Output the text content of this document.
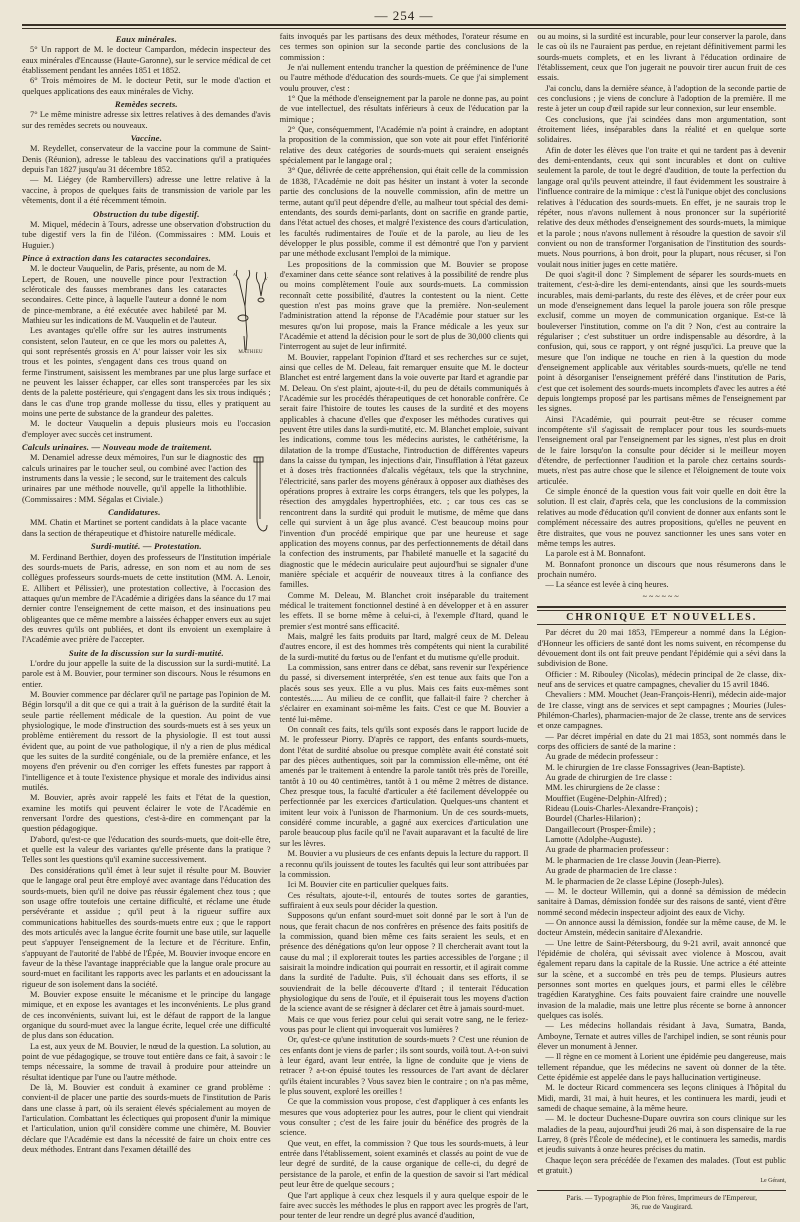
— 254 —
Eaux minérales.

5° Un rapport de M. le docteur Campardon, médecin inspecteur des eaux minérales d'Encausse (Haute-Garonne), sur le service médical de cet établissement pendant les années 1851 et 1852.

6° Trois mémoires de M. le docteur Petit, sur le mode d'action et quelques applications des eaux minérales de Vichy.

Remèdes secrets.

7° Le même ministre adresse six lettres relatives à des demandes d'avis sur des remèdes secrets ou nouveaux.

Vaccine.

M. Reydellet, conservateur de la vaccine pour la commune de Saint-Denis (Réunion), adresse le tableau des vaccinations qu'il a pratiquées depuis l'an 1827 jusqu'au 31 décembre 1852.

— M. Liégey (de Rambervillers) adresse une lettre relative à la vaccine, à propos de quelques faits de transmission de variole par les vêtements, dont il a été récemment témoin.

Obstruction du tube digestif.

M. Miquel, médecin à Tours, adresse une observation d'obstruction du tube digestif vers la fin de l'iléon. (Commissaires : MM. Louis et Huguier.)

Pince à extraction dans les cataractes secondaires.
A
A'
MATHIEU

M. le docteur Vauquelin, de Paris, présente, au nom de M. Lepert, de Rouen, une nouvelle pince pour l'extraction scléroticale des fausses membranes dans les cataractes secondaires. Cette pince, à laquelle l'auteur a donné le nom de pince-membrane, a été exécutée avec habileté par M. Mathieu sur les indications de M. Vauquelin et de l'auteur.

Les avantages qu'elle offre sur les autres instruments consistent, selon l'auteur, en ce que les mors ou palettes A, qui sont représentés grossis en A' pour laisser voir les six trous et les pointes, s'engagent dans ces trous quand on ferme l'instrument, saisissent les membranes par une plus large surface et ne peuvent les laisser échapper, car elles sont transpercées par les six dents de la palette postérieure, qui s'engagent dans les six trous indiqués ; dans le cas d'une trop grande mollesse du tissu, elles y pratiquent au moins une perte de substance de la grandeur des palettes.

M. le docteur Vauquelin a depuis plusieurs mois eu l'occasion d'employer avec succès cet instrument.

Calculs urinaires. — Nouveau mode de traitement.

M. Denamiel adresse deux mémoires, l'un sur le diagnostic des calculs urinaires par le toucher seul, ou combiné avec l'action des instruments dans la vessie ; le second, sur le traitement des calculs urinaires par une méthode nouvelle, qu'il appelle la lithothlibie. (Commissaires : MM. Ségalas et Civiale.)

Candidatures.

MM. Chatin et Martinet se portent candidats à la place vacante dans la section de thérapeutique et d'histoire naturelle médicale.

Surdi-mutité. — Protestation.

M. Ferdinand Berthier, doyen des professeurs de l'Institution impériale des sourds-muets de Paris, adresse, en son nom et au nom de ses collègues professeurs sourds-muets de cette institution (MM. A. Lenoir, E. Allibert et Pélissier), une protestation collective, à l'occasion des attaques qu'un membre de l'Académie a dirigées dans la séance du 17 mai dernier contre l'enseignement de cette maison, et des insinuations peu obligeantes que ce même membre a laissées échapper envers eux au sujet des œuvres qu'ils ont publiées, et dont ils envoient un exemplaire à l'Académie avec prière de l'accepter.

Suite de la discussion sur la surdi-mutité.

L'ordre du jour appelle la suite de la discussion sur la surdi-mutité. La parole est à M. Bouvier, pour terminer son discours. Nous le résumons en entier.

M. Bouvier commence par déclarer qu'il ne partage pas l'opinion de M. Bégin lorsqu'il a dit que ce qui a trait à la guérison de la surdité était la seule partie réellement médicale de la question. Au point de vue physiologique, le mode d'instruction des sourds-muets est à ses yeux un problème entièrement du ressort de la physiologie. Il est tout aussi évident que, au point de vue pathologique, il n'y a rien de plus médical que les suites de la surdité congéniale, ou de la première enfance, et les moyens d'en prévenir ou d'en corriger les effets funestes par rapport à l'intelligence et à toute l'existence physique et morale des individus ainsi mutilés.

M. Bouvier, après avoir rappelé les faits et l'état de la question, examine les motifs qui peuvent éclairer le vote de l'Académie en renversant l'ordre des questions, c'est-à-dire en commençant par la question pédagogique.

D'abord, qu'est-ce que l'éducation des sourds-muets, que doit-elle être, et quelle est la valeur des variantes qu'elle présente dans la pratique ? Telles sont les questions qu'il examine successivement.

Des considérations qu'il émet à leur sujet il résulte pour M. Bouvier que le langage oral peut être employé avec avantage dans l'éducation des sourds-muets, bien qu'il ne doive pas réussir également chez tous ; que son usage offre toutefois une certaine difficulté, et réclame une étude persévérante et assidue ; qu'il peut à la rigueur suffire aux communications habituelles des sourds-muets entre eux ; que le rapport des mots articulés avec la langue écrite fournit une base utile, sur laquelle peut s'appuyer l'enseignement de la lecture et de l'écriture. Enfin, s'appuyant de l'autorité de l'abbé de l'Épée, M. Bouvier invoque encore en faveur de la thèse l'avantage inappréciable que la langue orale procure au sourd-muet en facilitant les rapports avec les parlants et en adoucissant la rigueur de son isolement dans la société.

M. Bouvier expose ensuite le mécanisme et le principe du langage mimique, et en expose les avantages et les inconvénients. Le plus grand de ces inconvénients, suivant lui, est le défaut de rapport de la langue organique du sourd-muet avec la langue écrite, lequel crée une difficulté de plus dans son éducation.

La est, aux yeux de M. Bouvier, le nœud de la question. La solution, au point de vue pédagogique, se trouve tout entière dans ce fait, à savoir : le temps nécessaire, la somme de travail à produire pour atteindre un résultat identique par l'une ou l'autre méthode.

De là, M. Bouvier est conduit à examiner ce grand problème : convient-il de placer une partie des sourds-muets de l'institution de Paris dans une classe à part, où ils seraient élevés spécialement au moyen de l'articulation. Combattant les éclectiques qui proposent d'unir la mimique et l'articulation, union qu'il considère comme une chimère, M. Bouvier déclare que l'Académie est dans la nécessité de faire un choix entre ces deux méthodes. Entrant dans l'examen détaillé des

faits invoqués par les partisans des deux méthodes, l'orateur résume en ces termes son opinion sur la seconde partie des conclusions de la commission :

Je n'ai nullement entendu trancher la question de prééminence de l'une ou l'autre méthode d'éducation des sourds-muets. Ce que j'ai simplement voulu prouver, c'est :

1° Que la méthode d'enseignement par la parole ne donne pas, au point de vue intellectuel, des résultats inférieurs à ceux de l'éducation par la mimique ;

2° Que, conséquemment, l'Académie n'a point à craindre, en adoptant la proposition de la commission, que son vote ait pour effet l'infériorité relative des deux catégories de sourds-muets qui seraient enseignés spécialement par le langage oral ;

3° Que, délivrée de cette appréhension, qui était celle de la commission de 1838, l'Académie ne doit pas hésiter un instant à voter la seconde partie des conclusions de la nouvelle commission, afin de mettre un terme, autant qu'il peut dépendre d'elle, au malheur tout spécial des demi-entendants, des sourds demi-parlants, dont on sacrifie en grande partie, dans l'état actuel des choses, et malgré l'existence des cours d'articulation, les facultés rudimentaires de l'ouïe et de la parole, au lieu de les développer le plus possible, comme il est démontré que l'on y parvient par une méthode exclusant l'emploi de la mimique.

Les propositions de la commission que M. Bouvier se propose d'examiner dans cette séance sont relatives à la possibilité de rendre plus ou moins complètement l'ouïe aux sourds-muets. La commission reconnaît cette possibilité, d'autres la contestent ou la nient. Cette question n'est pas moins grave que la première. Non-seulement l'administration attend la réponse de l'Académie pour statuer sur les mesures qu'on lui propose, mais la France médicale a les yeux sur l'Académie et attend la décision pour le sort de plus de 30,000 clients qui l'interrogent au sujet de leur infirmité.

M. Bouvier, rappelant l'opinion d'Itard et ses recherches sur ce sujet, ainsi que celles de M. Deleau, fait remarquer ensuite que M. le docteur Blanchet est entré largement dans la voie ouverte par Itard et agrandie par M. Deleau. On s'est plaint, ajoute-t-il, du peu de détails communiqués à l'Académie sur les procédés thérapeutiques de cet honorable confrère. Ce serait faire l'histoire de toutes les causes de la surdité et des moyens applicables à chacune d'elles que d'exposer les méthodes curatives qui peuvent être utiles dans la surdi-mutité, etc. M. Blanchet emploie, suivant les indications, comme tous les médecins auristes, le cathétérisme, la dilatation de la trompe d'Eustache, l'introduction de différentes vapeurs dans la caisse du tympan, les injections d'air, l'insufflation à l'état gazeux et à doses très fractionnées d'alcalis végétaux, tels que la strychnine, l'électricité, sans parler des moyens généraux à opposer aux diathèses des opérations propres à extraire les corps étrangers, tels que les polypes, la résection des amygdales hypertrophiées, etc. ; car tous ces cas se rencontrent dans la surdité qui produit le mutisme, de même que dans celle qui survient à un âge plus avancé. C'est beaucoup moins pour l'invention d'un procédé empirique que par une heureuse et sage application des moyens connus, par des perfectionnements de détail dans la confection des instruments, par l'habileté manuelle et la sagacité du diagnostic que le médecin auriculaire peut aujourd'hui se signaler d'une manière spéciale et acquérir de nouveaux titres à la confiance des familles.

Comme M. Deleau, M. Blanchet croit inséparable du traitement médical le traitement fonctionnel destiné à en développer et à en assurer les effets. Il se borne même à celui-ci, à l'exemple d'Itard, quand le premier s'est montré sans efficacité.

Mais, malgré les faits produits par Itard, malgré ceux de M. Deleau d'autres encore, il est des hommes très compétents qui nient la curabilité de la surdi-mutité du fœtus ou de l'enfant et du mutisme qu'elle produit.

La commission, sans entrer dans ce débat, sans revenir sur l'expérience du passé, si diversement interprétée, s'en est tenue aux faits que l'on a placés sous ses yeux. Elle a vu plus. Mais ces faits eux-mêmes sont contestés...... Au milieu de ce conflit, que fallait-il faire ? chercher à s'éclairer en examinant soi-même les faits. C'est ce que M. Bouvier a tenté lui-même.

On connaît ces faits, tels qu'ils sont exposés dans le rapport lucide de M. le professeur Piorry. D'après ce rapport, des enfants sourds-muets, dont l'état de surdité absolue ou presque complète avait été constaté soit par des pièces authentiques, soit par la commission elle-même, ont été amenés par le traitement à entendre la parole tantôt très près de l'oreille, tantôt à 10 ou 40 centimètres, tantôt à 1 ou même 2 mètres de distance. Chez presque tous, la faculté d'articuler a été facilement développée ou perfectionnée par les exercices d'articulation. Quelques-uns chantent et imitent leur voix à l'unisson de l'harmonium. Un de ces sourds-muets, considéré comme incurable, a gagné aux exercices d'articulation une parole beaucoup plus facile qu'il ne l'avait auparavant et la faculté de lire sur les lèvres.

M. Bouvier a vu plusieurs de ces enfants depuis la lecture du rapport. Il a reconnu qu'ils jouissent de toutes les facultés qui leur sont attribuées par la commission.

Ici M. Bouvier cite en particulier quelques faits.

Ces résultats, ajoute-t-il, entourés de toutes sortes de garanties, suffiraient à eux seuls pour décider la question.

Supposons qu'un enfant sourd-muet soit donné par le sort à l'un de nous, que ferait chacun de nos confrères en présence des faits positifs de la commission, quand bien même ces faits seraient les seuls, et en présence des dénégations qu'on leur oppose ? Il chercherait avant tout la cause du mal ; il explorerait toutes les parties accessibles de l'organe ; il saisirait la moindre indication qui pourrait en ressortir, et il agirait comme dans la surdité de l'adulte. Puis, s'il échouait dans ses efforts, il se souviendrait de la belle découverte d'Itard ; il tenterait l'éducation physiologique du sens de l'ouïe, et il épuiserait tous les moyens d'action de la science avant de se résigner à déclarer cet être à jamais sourd-muet.

Mais ce que vous feriez pour celui qui serait votre sang, ne le feriez-vous pas pour le client qui invoquerait vos lumières ?

Or, qu'est-ce qu'une institution de sourds-muets ? C'est une réunion de ces enfants dont je viens de parler ; ils sont sourds, voilà tout. A-t-on suivi à leur égard, avant leur entrée, la ligne de conduite que je viens de retracer ? a-t-on épuisé toutes les ressources de l'art avant de déclarer qu'ils étaient incurables ? Vous savez bien le contraire ; on n'a pas même, le plus souvent, exploré les oreilles !

Ce que la commission vous propose, c'est d'appliquer à ces enfants les mesures que vous adopteriez pour les autres, pour le client qui viendrait vous consulter ; c'est de les faire jouir du bénéfice des progrès de la science.

Que veut, en effet, la commission ? Que tous les sourds-muets, à leur entrée dans l'établissement, soient examinés et classés au point de vue de leur degré de surdité, de la cause organique de celle-ci, du degré de persistance de la parole, et enfin de la question de savoir si l'art médical peut leur être de quelque secours ;

Que l'art applique à ceux chez lesquels il y aura quelque espoir de le faire avec succès les méthodes le plus en rapport avec les progrès de l'art, pour tenter de leur rendre un degré plus avancé d'audition,

ou au moins, si la surdité est incurable, pour leur conserver la parole, dans le cas où ils ne l'auraient pas perdue, en rejetant définitivement parmi les sourds-muets complets, et en les livrant à l'éducation ordinaire de l'établissement, ceux que l'on jugerait ne pouvoir tirer aucun fruit de ces essais.

J'ai conclu, dans la dernière séance, à l'adoption de la seconde partie de ces conclusions ; je viens de conclure à l'adoption de la première. Il me reste à jeter un coup d'œil rapide sur leur connexion, sur leur ensemble.

Ces conclusions, que j'ai scindées dans mon argumentation, sont étroitement liées, inséparables dans la réalité et en quelque sorte solidaires.

Afin de doter les élèves que l'on traite et qui ne tardent pas à devenir des demi-entendants, ceux qui sont incurables et dont on cultive seulement la parole, de tout le degré d'audition, de toute la perfection du langage oral qu'ils peuvent atteindre, il faut évidemment les soustraire à l'influence contraire de la mimique : c'est là l'unique objet des conclusions relatives à l'éducation des sourds-muets. En effet, je ne saurais trop le répéter, nous n'avons nullement à nous prononcer sur la supériorité relative des deux méthodes d'enseignement des sourds-muets, la mimique et la parole ; nous n'avons nullement à résoudre la question de savoir s'il convient ou non de transformer l'organisation de l'institution des sourds-muets. Nous pourrions, à bon droit, pour la plupart, nous récuser, si l'on voulait nous initier juges en cette matière.

De quoi s'agit-il donc ? Simplement de séparer les sourds-muets en traitement, c'est-à-dire les demi-entendants, ainsi que les sourds-muets incurables, mais demi-parlants, du reste des élèves, et de créer pour eux un mode d'enseignement dans lequel la parole jouera son rôle presque exclusif, comme un moyen de communication organique. Est-ce là bouleverser l'institution, comme on l'a dit ? Non, c'est au contraire la régulariser ; c'est substituer un ordre indispensable au désordre, à la confusion, qui, sous ce rapport, y ont régné jusqu'ici. La preuve que la mesure que l'on indique ne touche en rien à la question du mode d'enseignement applicable aux véritables sourds-muets, qu'elle ne tend point à désorganiser l'enseignement préféré dans l'institution de Paris, c'est que cet isolement des sourds-muets incomplets d'avec les autres a été depuis longtemps proposé par les partisans mêmes de l'enseignement par les signes.

Ainsi l'Académie, qui pourrait peut-être se récuser comme incompétente s'il s'agissait de remplacer pour tous les sourds-muets l'enseignement oral par l'enseignement par les signes, n'est plus en droit de le faire lorsqu'on la consulte pour décider si le meilleur moyen d'étendre, de perfectionner l'audition et la parole chez certains sourds-muets, n'est pas autre chose que le silence et l'éloignement de toute voix articulée.

Ce simple énoncé de la question vous fait voir quelle en doit être la solution. Il est clair, d'après cela, que les conclusions de la commission relatives au mode d'éducation qu'il convient de donner aux enfants sont le complément nécessaire des autres propositions, qu'elles ne peuvent en être distraites, que vous ne pouvez sanctionner les unes sans voter en même temps les autres.

La parole est à M. Bonnafont.

M. Bonnafont prononce un discours que nous résumerons dans le prochain numéro.

— La séance est levée à cinq heures.

~~~~~~
CHRONIQUE ET NOUVELLES.

Par décret du 20 mai 1853, l'Empereur a nommé dans la Légion-d'Honneur les officiers de santé dont les noms suivent, en récompense du dévouement dont ils ont fait preuve pendant l'épidémie qui a sévi dans la subdivision de Bone.

Officier : M. Ribouley (Nicolas), médecin principal de 2e classe, dix-neuf ans de services et quatre campagnes, chevalier du 15 avril 1846.

Chevaliers : MM. Mouchet (Jean-François-Henri), médecin aide-major de 1re classe, vingt ans de services et sept campagnes ; Mouries (Jules-Philémon-Charles), pharmacien-major de 2e classe, trente ans de services et onze campagnes.

— Par décret impérial en date du 21 mai 1853, sont nommés dans le corps des officiers de santé de la marine :

Au grade de médecin professeur :

M. le chirurgien de 1re classe Fonssagrives (Jean-Baptiste).

Au grade de chirurgien de 1re classe :

MM. les chirurgiens de 2e classe :

Mouffiet (Eugène-Delphin-Alfred) ;

Rideau (Louis-Charles-Alexandre-François) ;

Bourdel (Charles-Hilarion) ;

Dangaillecourt (Prosper-Émile) ;

Lamotte (Adolphe-Auguste).

Au grade de pharmacien professeur :

M. le pharmacien de 1re classe Jouvin (Jean-Pierre).

Au grade de pharmacien de 1re classe :

M. le pharmacien de 2e classe Lépine (Joseph-Jules).

— M. le docteur Willemin, qui a donné sa démission de médecin sanitaire à Damas, démission fondée sur des raisons de santé, vient d'être nommé second médecin inspecteur adjoint des eaux de Vichy.

— On annonce aussi la démission, fondée sur la même cause, de M. le docteur Amstein, médecin sanitaire d'Alexandrie.

— Une lettre de Saint-Pétersbourg, du 9-21 avril, avait annoncé que l'épidémie de choléra, qui sévissait avec violence à Moscou, avait également reparu dans la capitale de la Russie. Une actrice a été atteinte sur la scène, et a succombé en très peu de temps. Plusieurs autres personnes sont mortes en quelques jours, et parmi elles le célèbre tragédien Karatyghine. Ces faits pouvaient faire craindre une nouvelle invasion de la maladie, mais une lettre plus récente se borne à annoncer quelques cas isolés.

— Les médecins hollandais résidant à Java, Sumatra, Banda, Amboyne, Ternate et autres villes de l'archipel indien, se sont réunis pour élever un monument à Jenner.

— Il règne en ce moment à Lorient une épidémie peu dangereuse, mais tellement répandue, que les médecins ne savent où donner de la tête. Cette épidémie est appelée dans le pays hallucination vertigineuse.

M. le docteur Ricard commencera ses leçons cliniques à l'hôpital du Midi, mardi, 31 mai, à huit heures, et les continuera les mardi, jeudi et samedi de chaque semaine, à la même heure.

— M. le docteur Duchesne-Dupare ouvrira son cours clinique sur les maladies de la peau, aujourd'hui jeudi 26 mai, à son dispensaire de la rue Larrey, 8 (près l'École de médecine), et le continuera les samedis, mardis et jeudis suivants à onze heures précises du matin.

Chaque leçon sera précédée de l'examen des malades. (Tout est public et gratuit.)

Le Gérant,
Paris. — Typographie de Plon frères, Imprimeurs de l'Empereur,
36, rue de Vaugirard.
